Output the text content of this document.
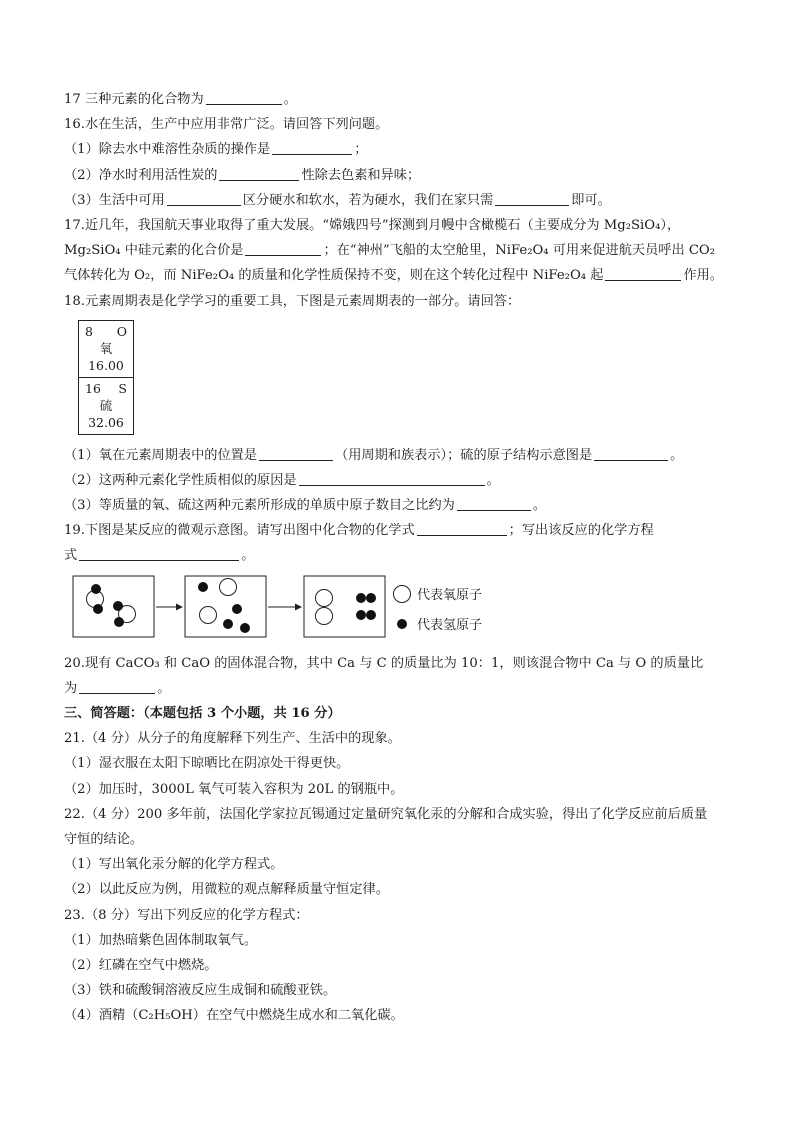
17 三种元素的化合物为	。
16.水在生活，生产中应用非常广泛。请回答下列问题。
（1）除去水中难溶性杂质的操作是	；
（2）净水时利用活性炭的	性除去色素和异味；
（3）生活中可用	区分硬水和软水，若为硬水，我们在家只需	即可。
17.近几年，我国航天事业取得了重大发展。“嫦娥四号”探测到月幔中含橄榄石（主要成分为 Mg₂SiO₄），
Mg₂SiO₄ 中硅元素的化合价是	；在“神州”飞船的太空舱里，NiFe₂O₄ 可用来促进航天员呼出 CO₂
气体转化为 O₂，而 NiFe₂O₄ 的质量和化学性质保持不变，则在这个转化过程中 NiFe₂O₄ 起	作用。
18.元素周期表是化学学习的重要工具，下图是元素周期表的一部分。请回答：
8 O
氧
16.00
16 S
硫
32.06
（1）氧在元素周期表中的位置是	（用周期和族表示）；硫的原子结构示意图是	。
（2）这两种元素化学性质相似的原因是	。
（3）等质量的氧、硫这两种元素所形成的单质中原子数目之比约为	。
19.下图是某反应的微观示意图。请写出图中化合物的化学式	；写出该反应的化学方程
式	。
代表氧原子
代表氢原子
20.现有 CaCO₃ 和 CaO 的固体混合物，其中 Ca 与 C 的质量比为 10：1，则该混合物中 Ca 与 O 的质量比
为	。
三、简答题：（本题包括 3 个小题，共 16 分）
21.（4 分）从分子的角度解释下列生产、生活中的现象。
（1）湿衣服在太阳下晾晒比在阴凉处干得更快。
（2）加压时，3000L 氧气可装入容积为 20L 的钢瓶中。
22.（4 分）200 多年前，法国化学家拉瓦锡通过定量研究氧化汞的分解和合成实验，得出了化学反应前后质量
守恒的结论。
（1）写出氧化汞分解的化学方程式。
（2）以此反应为例，用微粒的观点解释质量守恒定律。
23.（8 分）写出下列反应的化学方程式：
（1）加热暗紫色固体制取氧气。
（2）红磷在空气中燃烧。
（3）铁和硫酸铜溶液反应生成铜和硫酸亚铁。
（4）酒精（C₂H₅OH）在空气中燃烧生成水和二氧化碳。
